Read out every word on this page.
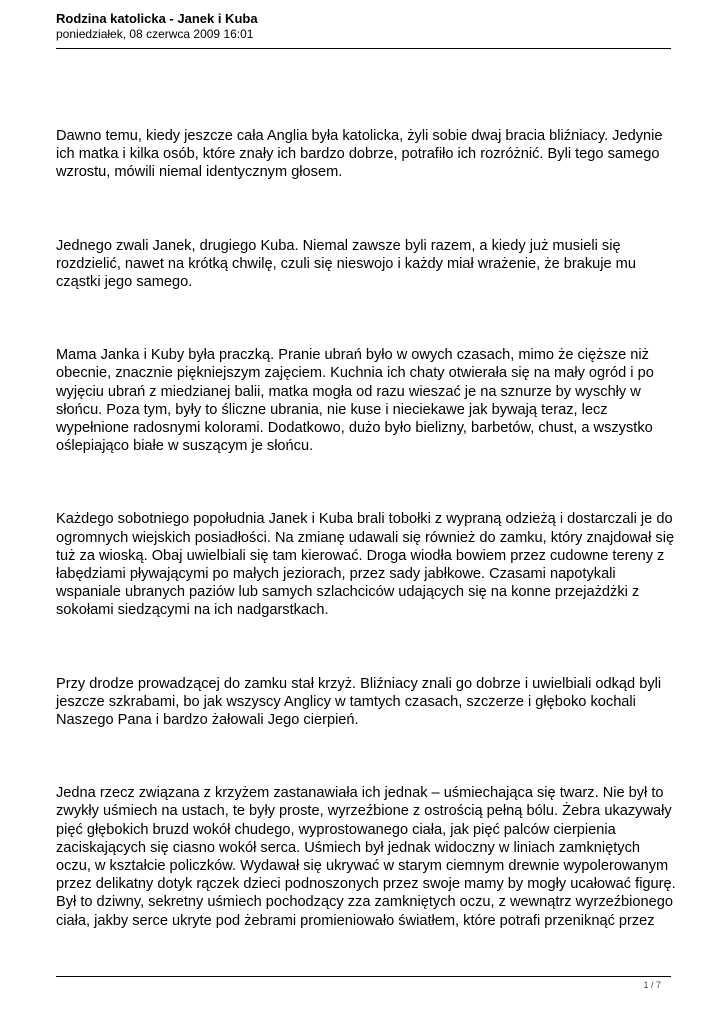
Rodzina katolicka - Janek i Kuba

poniedziałek, 08 czerwca 2009 16:01

Dawno temu, kiedy jeszcze cała Anglia była katolicka, żyli sobie dwaj bracia bliźniacy. Jedynie ich matka i kilka osób, które znały ich bardzo dobrze, potrafiło ich rozróżnić. Byli tego samego wzrostu, mówili niemal identycznym głosem.

Jednego zwali Janek, drugiego Kuba. Niemal zawsze byli razem, a kiedy już musieli się rozdzielić, nawet na krótką chwilę, czuli się nieswojo i każdy miał wrażenie, że brakuje mu cząstki jego samego.

Mama Janka i Kuby była praczką. Pranie ubrań było w owych czasach, mimo że cięższe niż obecnie, znacznie piękniejszym zajęciem. Kuchnia ich chaty otwierała się na mały ogród i po wyjęciu ubrań z miedzianej balii, matka mogła od razu wieszać je na sznurze by wyschły w słońcu. Poza tym, były to śliczne ubrania, nie kuse i nieciekawe jak bywają teraz, lecz wypełnione radosnymi kolorami. Dodatkowo, dużo było bielizny, barbetów, chust, a wszystko oślepiająco białe w suszącym je słońcu.

Każdego sobotniego popołudnia Janek i Kuba brali tobołki z wypraną odzieżą i dostarczali je do ogromnych wiejskich posiadłości. Na zmianę udawali się również do zamku, który znajdował się tuż za wioską. Obaj uwielbiali się tam kierować. Droga wiodła bowiem przez cudowne tereny z łabędziami pływającymi po małych jeziorach, przez sady jabłkowe. Czasami napotykali wspaniale ubranych paziów lub samych szlachciców udających się na konne przejażdżki z sokołami siedzącymi na ich nadgarstkach.

Przy drodze prowadzącej do zamku stał krzyż. Bliźniacy znali go dobrze i uwielbiali odkąd byli jeszcze szkrabami, bo jak wszyscy Anglicy w tamtych czasach, szczerze i głęboko kochali Naszego Pana i bardzo żałowali Jego cierpień.

Jedna rzecz związana z krzyżem zastanawiała ich jednak – uśmiechająca się twarz. Nie był to zwykły uśmiech na ustach, te były proste, wyrzeźbione z ostrością pełną bólu. Żebra ukazywały pięć głębokich bruzd wokół chudego, wyprostowanego ciała, jak pięć palców cierpienia zaciskających się ciasno wokół serca. Uśmiech był jednak widoczny w liniach zamkniętych oczu, w kształcie policzków. Wydawał się ukrywać w starym ciemnym drewnie wypolerowanym przez delikatny dotyk rączek dzieci podnoszonych przez swoje mamy by mogły ucałować figurę. Był to dziwny, sekretny uśmiech pochodzący zza zamkniętych oczu, z wewnątrz wyrzeźbionego ciała, jakby serce ukryte pod żebrami promieniowało światłem, które potrafi przeniknąć przez

1 / 7
